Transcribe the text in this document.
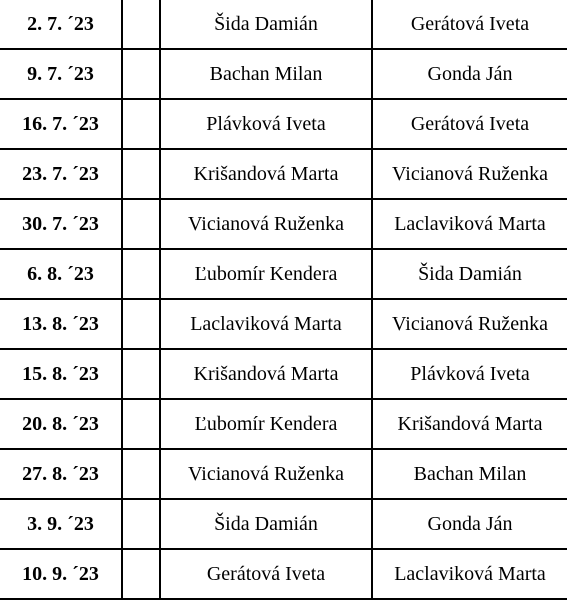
2. 7. ´23		Šida Damián	Gerátová Iveta
9. 7. ´23		Bachan Milan	Gonda Ján
16. 7. ´23		Plávková Iveta	Gerátová Iveta
23. 7. ´23		Krišandová Marta	Vicianová Ruženka
30. 7. ´23		Vicianová Ruženka	Laclaviková Marta
6. 8. ´23		Ľubomír Kendera	Šida Damián
13. 8. ´23		Laclaviková Marta	Vicianová Ruženka
15. 8. ´23		Krišandová Marta	Plávková Iveta
20. 8. ´23		Ľubomír Kendera	Krišandová Marta
27. 8. ´23		Vicianová Ruženka	Bachan Milan
3. 9. ´23		Šida Damián	Gonda Ján
10. 9. ´23		Gerátová Iveta	Laclaviková Marta
